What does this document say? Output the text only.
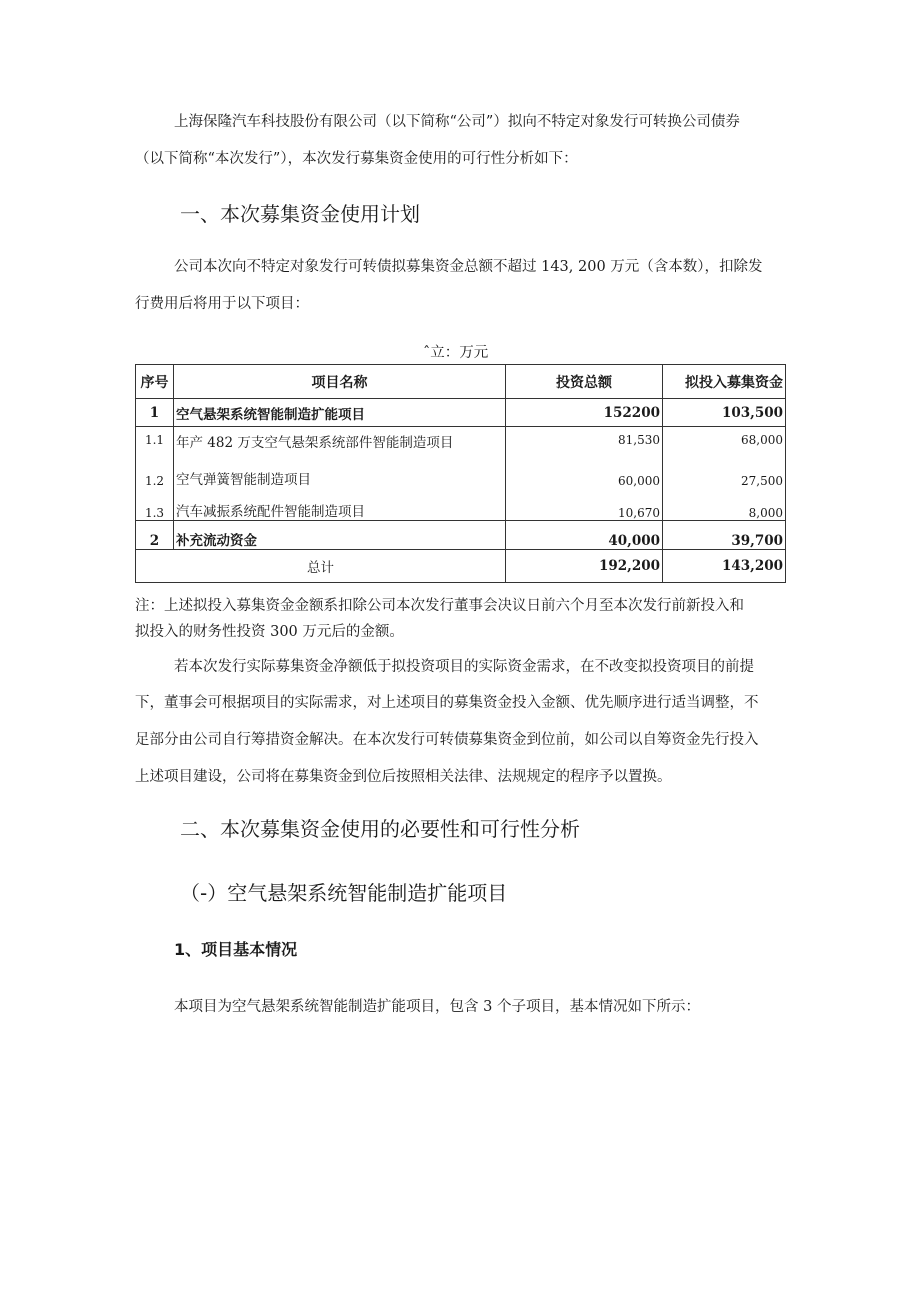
上海保隆汽车科技股份有限公司（以下简称“公司”）拟向不特定对象发行可转换公司债券
（以下简称“本次发行”），本次发行募集资金使用的可行性分析如下：
一、本次募集资金使用计划
公司本次向不特定对象发行可转债拟募集资金总额不超过 143, 200 万元（含本数），扣除发
行费用后将用于以下项目：
ˆ立：万元
序号	项目名称	投资总额	拟投入募集资金
1	空气悬架系统智能制造扩能项目	152200	103,500
1.1	年产 482 万支空气悬架系统部件智能制造项目	81,530	68,000
1.2	空气弹簧智能制造项目	60,000	27,500
1.3	汽车减振系统配件智能制造项目	10,670	8,000
2	补充流动资金	40,000	39,700
总计		192,200	143,200
注：上述拟投入募集资金金额系扣除公司本次发行董事会决议日前六个月至本次发行前新投入和
拟投入的财务性投资 300 万元后的金额。
若本次发行实际募集资金净额低于拟投资项目的实际资金需求，在不改变拟投资项目的前提
下，董事会可根据项目的实际需求，对上述项目的募集资金投入金额、优先顺序进行适当调整，不
足部分由公司自行筹措资金解决。在本次发行可转债募集资金到位前，如公司以自筹资金先行投入
上述项目建设，公司将在募集资金到位后按照相关法律、法规规定的程序予以置换。
二、本次募集资金使用的必要性和可行性分析
（-）空气悬架系统智能制造扩能项目
1、项目基本情况
本项目为空气悬架系统智能制造扩能项目，包含 3 个子项目，基本情况如下所示：
